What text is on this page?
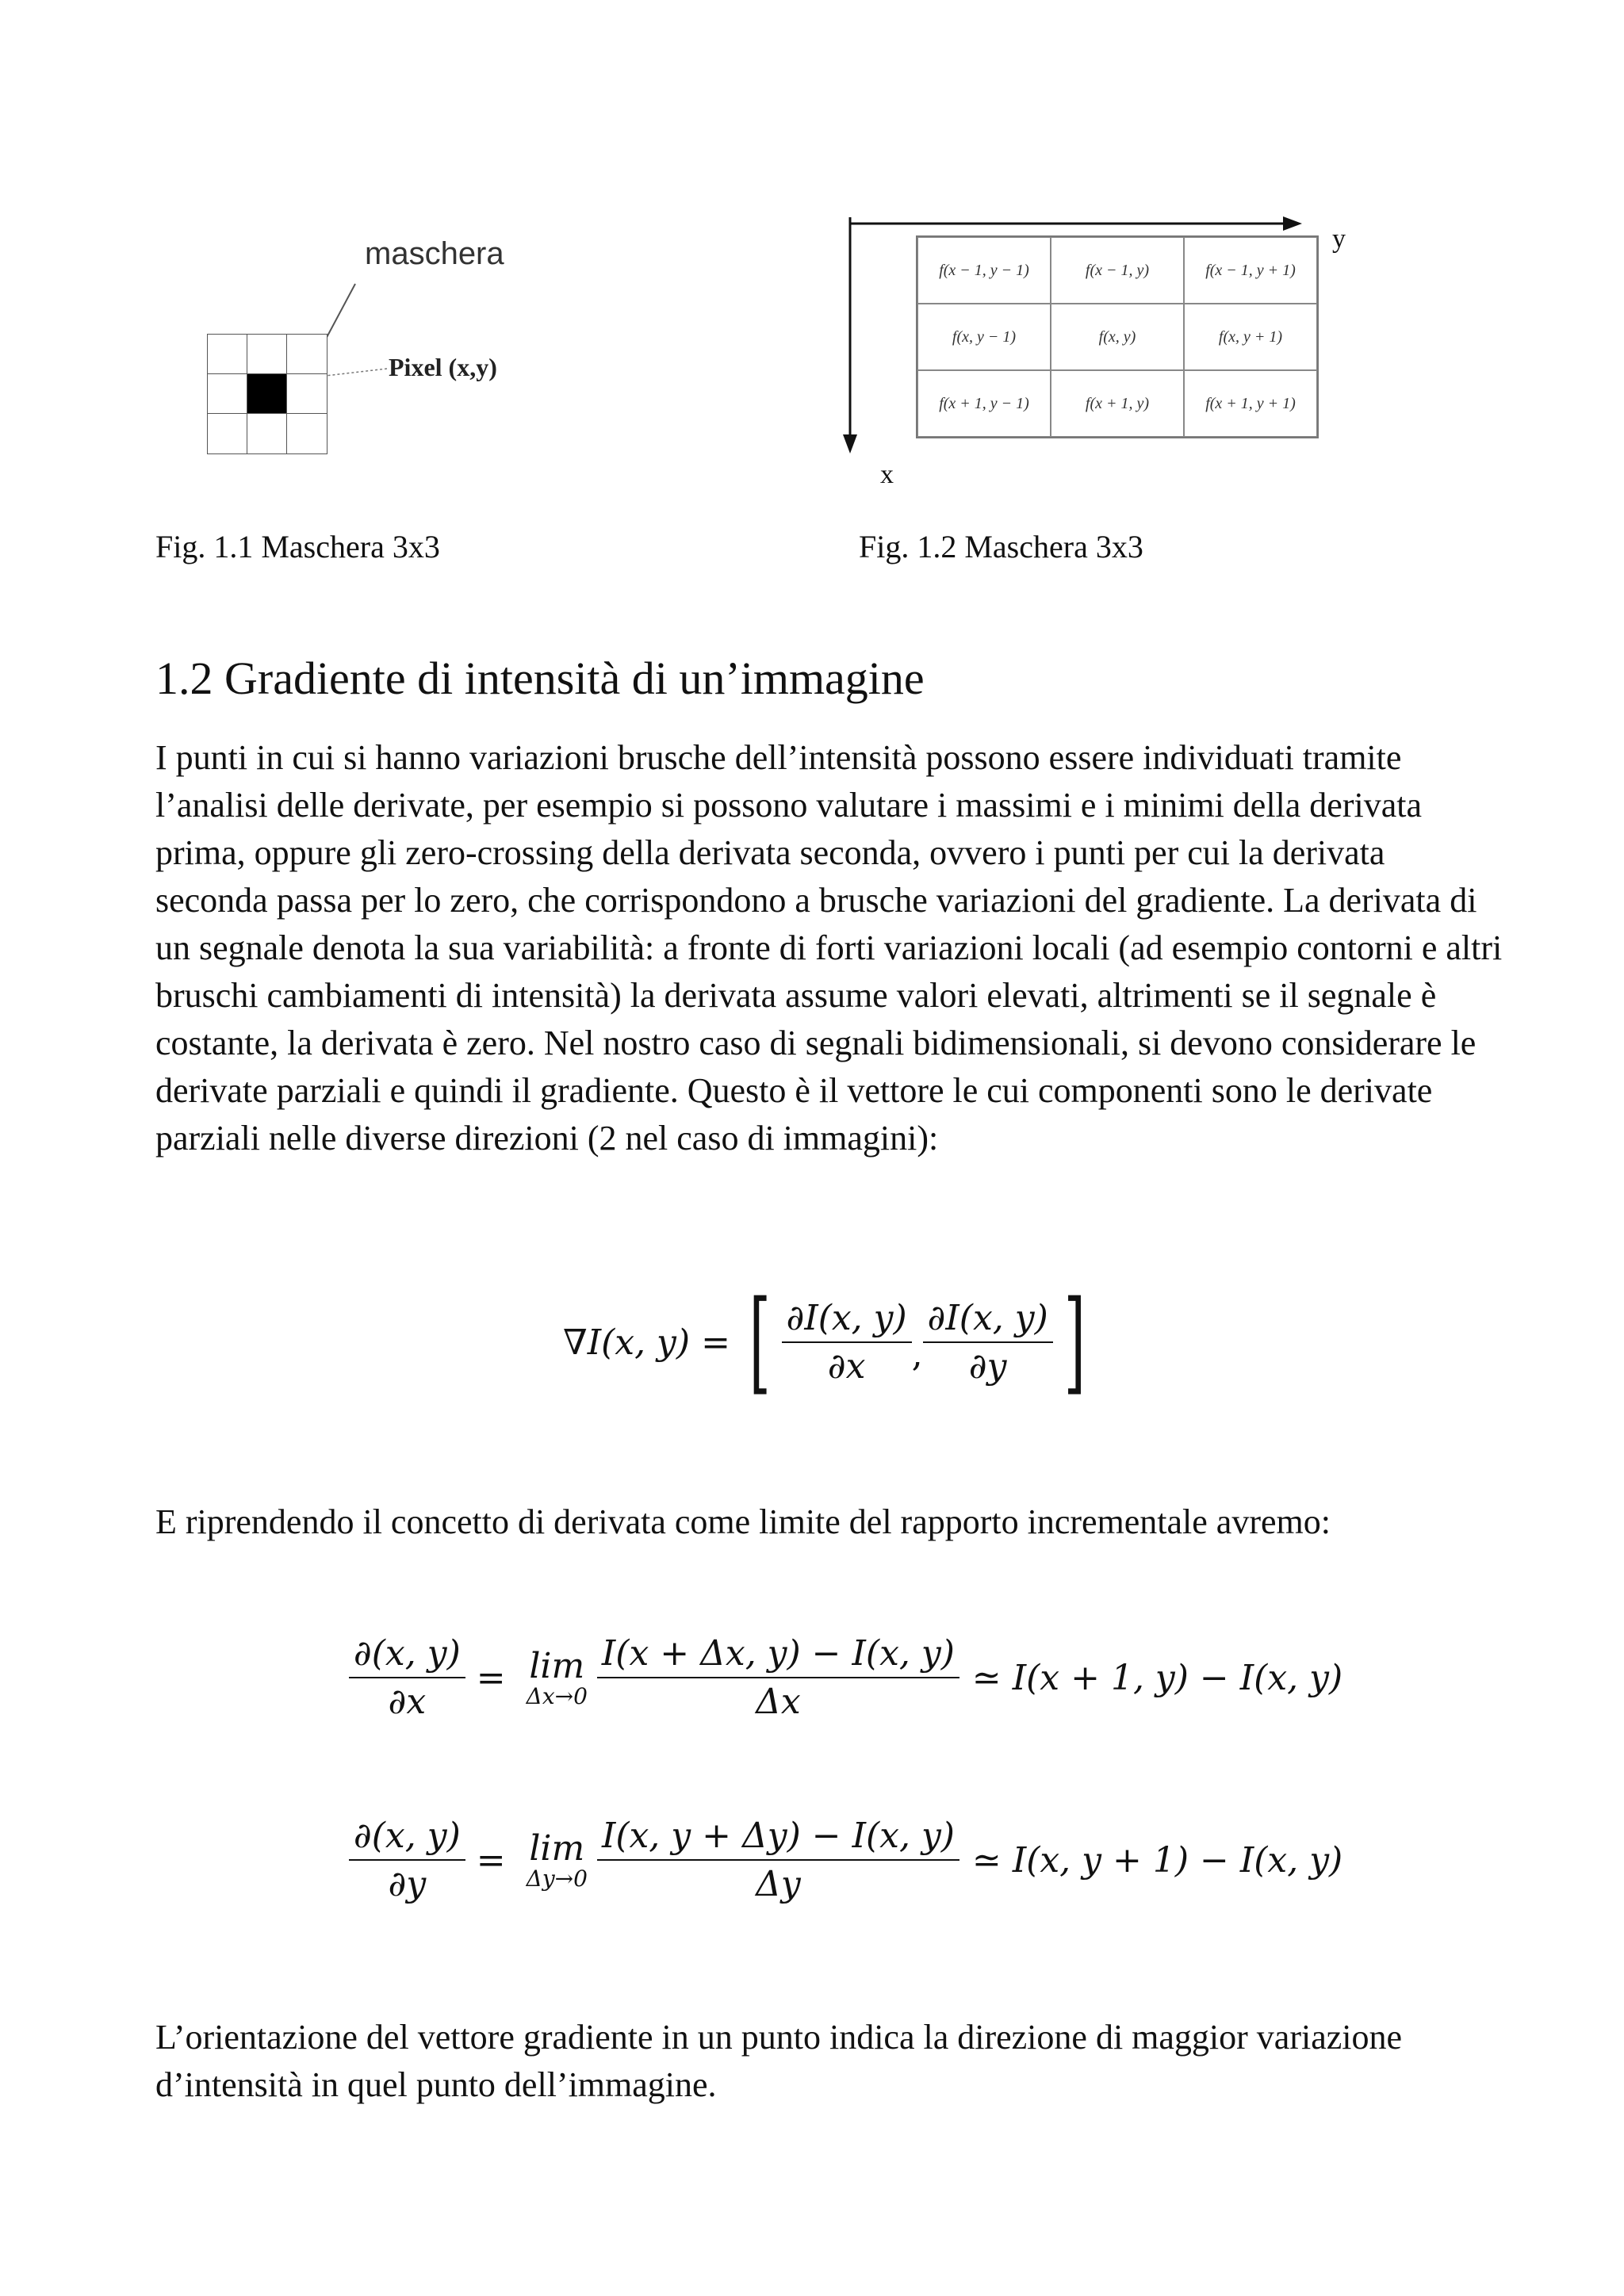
maschera
Pixel (x,y)
y
x
f(x − 1, y − 1)	f(x − 1, y)	f(x − 1, y + 1)
f(x, y − 1)	f(x, y)	f(x, y + 1)
f(x + 1, y − 1)	f(x + 1, y)	f(x + 1, y + 1)
Fig. 1.1 Maschera 3x3	Fig. 1.2 Maschera 3x3
1.2 Gradiente di intensità di un’immagine
I punti in cui si hanno variazioni brusche dell’intensità possono essere individuati tramite l’analisi delle derivate, per esempio si possono valutare i massimi e i minimi della derivata prima, oppure gli zero-crossing della derivata seconda, ovvero i punti per cui la derivata seconda passa per lo zero, che corrispondono a brusche variazioni del gradiente. La derivata di un segnale denota la sua variabilità: a fronte di forti variazioni locali (ad esempio contorni e altri bruschi cambiamenti di intensità) la derivata assume valori elevati, altrimenti se il segnale è costante, la derivata è zero. Nel nostro caso di segnali bidimensionali, si devono considerare le derivate parziali e quindi il gradiente. Questo è il vettore le cui componenti sono le derivate parziali nelle diverse direzioni (2 nel caso di immagini):
∇I(x, y) = [ $\frac{\partial I(x, y)}{\partial x}$ , $\frac{\partial I(x, y)}{\partial y}$ ]
E riprendendo il concetto di derivata come limite del rapporto incrementale avremo:
$\frac{\partial(x, y)}{\partial x} = \lim$
$\Delta x\to 0 \frac{I(x + \Delta x, y) - I(x, y)}{\Delta x}$ ≃ I(x + 1, y) − I(x, y)
$\frac{\partial(x, y)}{\partial y} = \lim$
$\Delta y\to 0 \frac{I(x, y + \Delta y) - I(x, y)}{\Delta y}$ ≃ I(x, y + 1) − I(x, y)
L’orientazione del vettore gradiente in un punto indica la direzione di maggior variazione d’intensità in quel punto dell’immagine.
